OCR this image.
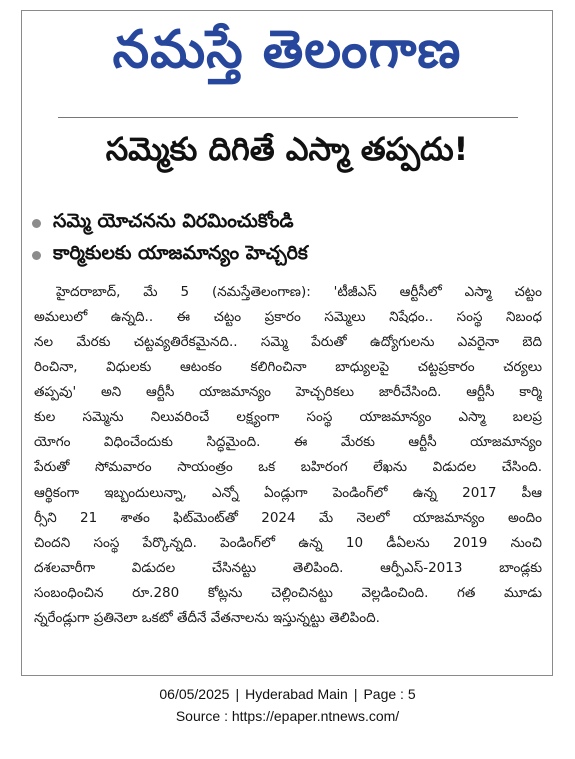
నమస్తే తెలంగాణ
సమ్మెకు దిగితే ఎస్మా తప్పదు!
సమ్మె యోచనను విరమించుకోండి
కార్మికులకు యాజమాన్యం హెచ్చరిక
హైదరాబాద్, మే 5 (నమస్తేతెలంగాణ): 'టీజీఎస్ ఆర్టీసీలో ఎస్మా చట్టం
అమలులో ఉన్నది.. ఈ చట్టం ప్రకారం సమ్మెలు నిషేధం.. సంస్థ నిబంధ
నల మేరకు చట్టవ్యతిరేకమైనది.. సమ్మె పేరుతో ఉద్యోగులను ఎవరైనా బెది
రించినా, విధులకు ఆటంకం కలిగించినా బాధ్యులపై చట్టప్రకారం చర్యలు
తప్పవు' అని ఆర్టీసీ యాజమాన్యం హెచ్చరికలు జారీచేసింది. ఆర్టీసీ కార్మి
కుల సమ్మెను నిలువరించే లక్ష్యంగా సంస్థ యాజమాన్యం ఎస్మా బలప్ర
యోగం విధించేందుకు సిద్ధమైంది. ఈ మేరకు ఆర్టీసీ యాజమాన్యం
పేరుతో సోమవారం సాయంత్రం ఒక బహిరంగ లేఖను విడుదల చేసింది.
ఆర్థికంగా ఇబ్బందులున్నా, ఎన్నో ఏండ్లుగా పెండింగ్‌లో ఉన్న 2017 పీఆ
ర్సీని 21 శాతం ఫిట్‌మెంట్‌తో 2024 మే నెలలో యాజమాన్యం అందిం
చిందని సంస్థ పేర్కొన్నది. పెండింగ్‌లో ఉన్న 10 డీఏలను 2019 నుంచి
దశలవారీగా విడుదల చేసినట్టు తెలిపింది. ఆర్పీఎస్-2013 బాండ్లకు
సంబంధించిన రూ.280 కోట్లను చెల్లించినట్టు వెల్లడించింది. గత మూడు
న్నరేండ్లుగా ప్రతినెలా ఒకటో తేదీనే వేతనాలను ఇస్తున్నట్టు తెలిపింది.
06/05/2025 | Hyderabad Main | Page : 5
Source : https://epaper.ntnews.com/
